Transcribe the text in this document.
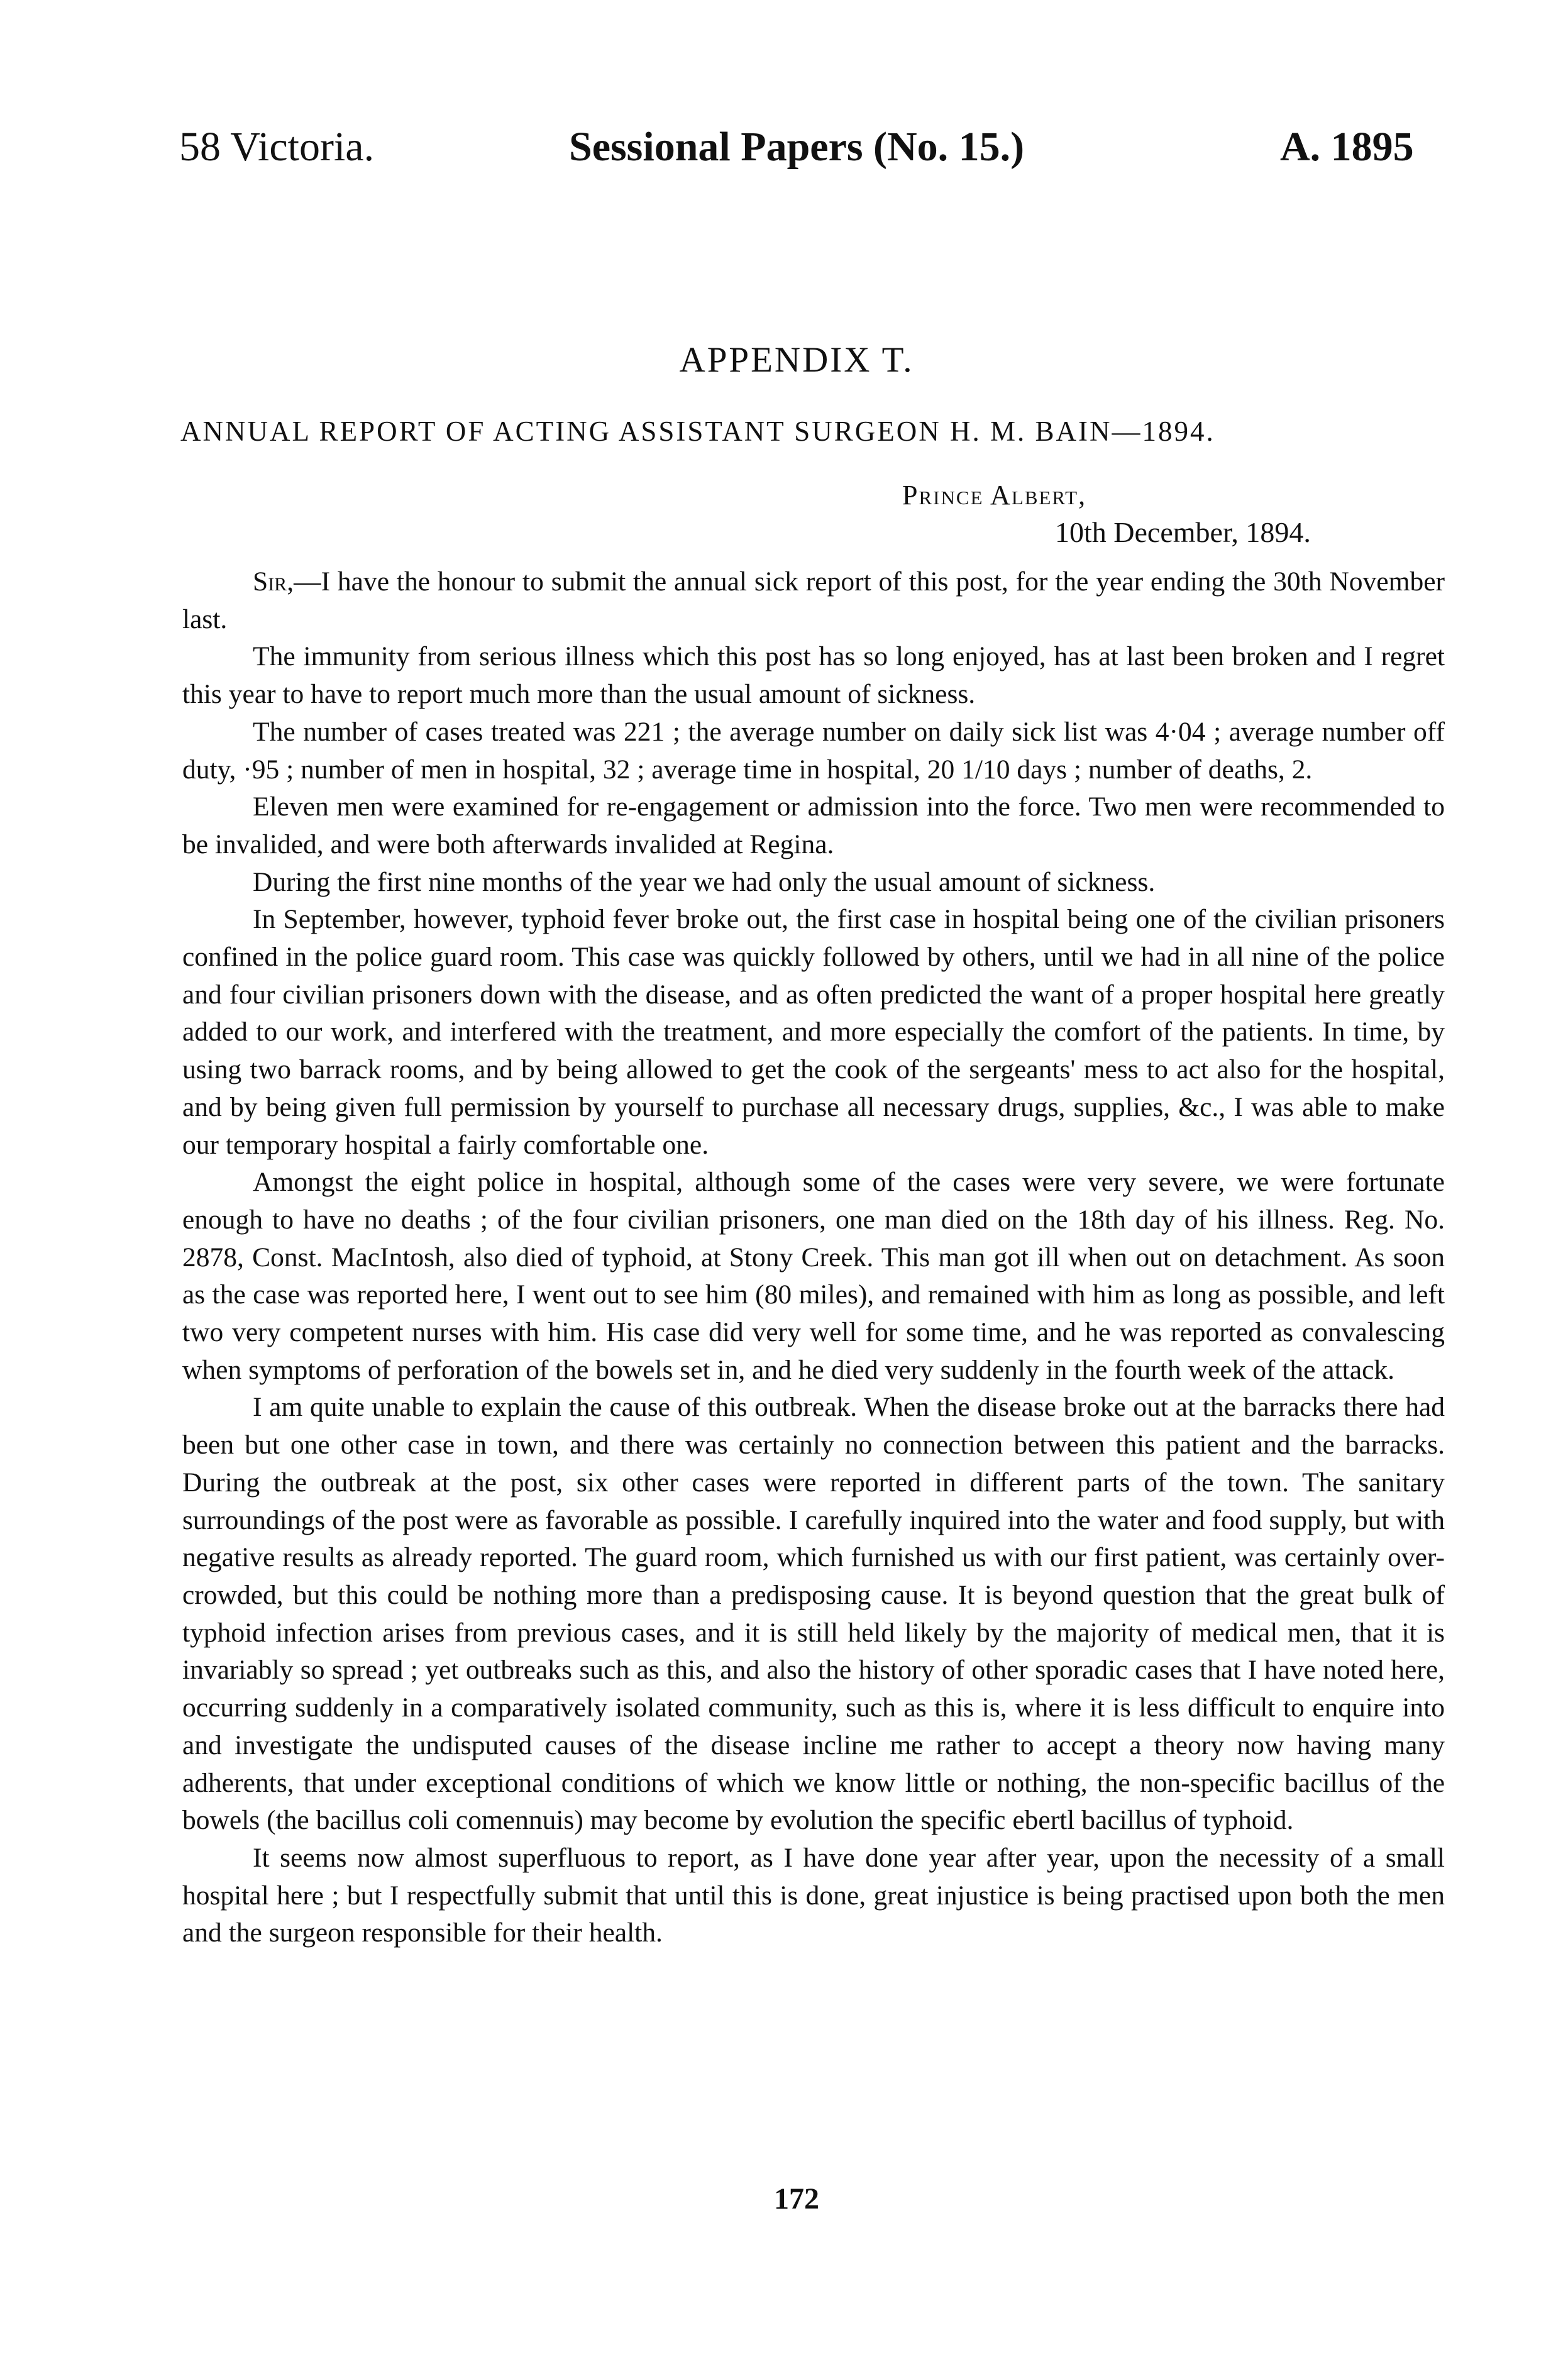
58 Victoria.	Sessional Papers (No. 15.)	A. 1895
APPENDIX T.
ANNUAL REPORT OF ACTING ASSISTANT SURGEON H. M. BAIN—1894.
Prince Albert,
10th December, 1894.

Sir,—I have the honour to submit the annual sick report of this post, for the year ending the 30th November last.

The immunity from serious illness which this post has so long enjoyed, has at last been broken and I regret this year to have to report much more than the usual amount of sickness.

The number of cases treated was 221 ; the average number on daily sick list was 4·04 ; average number off duty, ·95 ; number of men in hospital, 32 ; average time in hospital, 20 1/10 days ; number of deaths, 2.

Eleven men were examined for re-engagement or admission into the force. Two men were recommended to be invalided, and were both afterwards invalided at Regina.

During the first nine months of the year we had only the usual amount of sickness.

In September, however, typhoid fever broke out, the first case in hospital being one of the civilian prisoners confined in the police guard room. This case was quickly followed by others, until we had in all nine of the police and four civilian prisoners down with the disease, and as often predicted the want of a proper hospital here greatly added to our work, and interfered with the treatment, and more especially the comfort of the patients. In time, by using two barrack rooms, and by being allowed to get the cook of the sergeants' mess to act also for the hospital, and by being given full permission by yourself to purchase all necessary drugs, supplies, &c., I was able to make our temporary hospital a fairly comfortable one.

Amongst the eight police in hospital, although some of the cases were very severe, we were fortunate enough to have no deaths ; of the four civilian prisoners, one man died on the 18th day of his illness. Reg. No. 2878, Const. MacIntosh, also died of typhoid, at Stony Creek. This man got ill when out on detachment. As soon as the case was reported here, I went out to see him (80 miles), and remained with him as long as possible, and left two very competent nurses with him. His case did very well for some time, and he was reported as convalescing when symptoms of perforation of the bowels set in, and he died very suddenly in the fourth week of the attack.

I am quite unable to explain the cause of this outbreak. When the disease broke out at the barracks there had been but one other case in town, and there was certainly no connection between this patient and the barracks. During the outbreak at the post, six other cases were reported in different parts of the town. The sanitary surroundings of the post were as favorable as possible. I carefully inquired into the water and food supply, but with negative results as already reported. The guard room, which furnished us with our first patient, was certainly over-crowded, but this could be nothing more than a predisposing cause. It is beyond question that the great bulk of typhoid infection arises from previous cases, and it is still held likely by the majority of medical men, that it is invariably so spread ; yet outbreaks such as this, and also the history of other sporadic cases that I have noted here, occurring suddenly in a comparatively isolated community, such as this is, where it is less difficult to enquire into and investigate the undisputed causes of the disease incline me rather to accept a theory now having many adherents, that under exceptional conditions of which we know little or nothing, the non-specific bacillus of the bowels (the bacillus coli comennuis) may become by evolution the specific ebertl bacillus of typhoid.

It seems now almost superfluous to report, as I have done year after year, upon the necessity of a small hospital here ; but I respectfully submit that until this is done, great injustice is being practised upon both the men and the surgeon responsible for their health.

172
